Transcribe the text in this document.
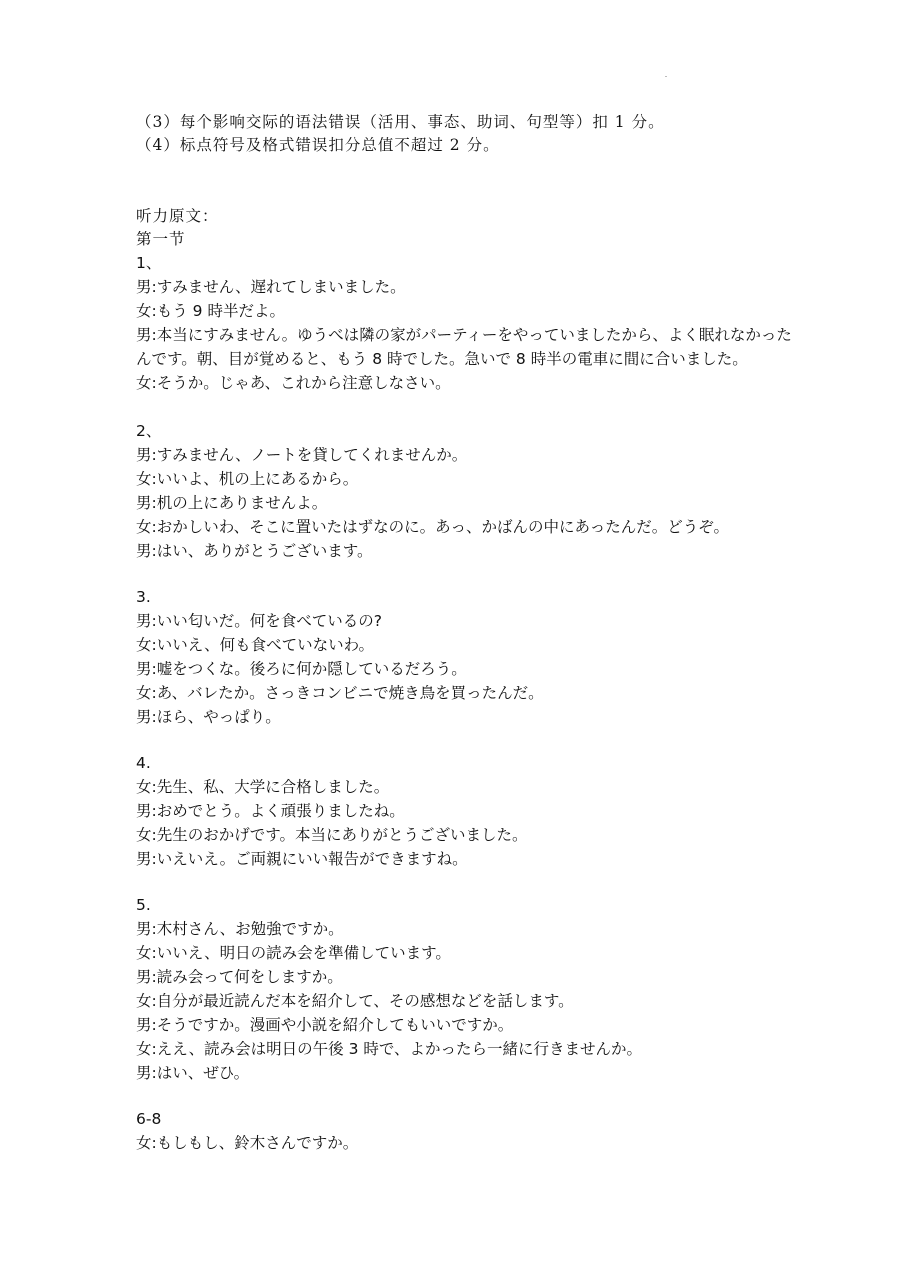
（3）每个影响交际的语法错误（活用、事态、助词、句型等）扣 1 分。
（4）标点符号及格式错误扣分总值不超过 2 分。
听力原文：
第一节
1、
男:すみません、遅れてしまいました。
女:もう 9 時半だよ。
男:本当にすみません。ゆうべは隣の家がパーティーをやっていましたから、よく眠れなかった
んです。朝、目が覚めると、もう 8 時でした。急いで 8 時半の電車に間に合いました。
女:そうか。じゃあ、これから注意しなさい。
2、
男:すみません、ノートを貸してくれませんか。
女:いいよ、机の上にあるから。
男:机の上にありませんよ。
女:おかしいわ、そこに置いたはずなのに。あっ、かばんの中にあったんだ。どうぞ。
男:はい、ありがとうございます。
3.
男:いい匂いだ。何を食べているの?
女:いいえ、何も食べていないわ。
男:嘘をつくな。後ろに何か隠しているだろう。
女:あ、バレたか。さっきコンビニで焼き鳥を買ったんだ。
男:ほら、やっぱり。
4.
女:先生、私、大学に合格しました。
男:おめでとう。よく頑張りましたね。
女:先生のおかげです。本当にありがとうございました。
男:いえいえ。ご両親にいい報告ができますね。
5.
男:木村さん、お勉強ですか。
女:いいえ、明日の読み会を準備しています。
男:読み会って何をしますか。
女:自分が最近読んだ本を紹介して、その感想などを話します。
男:そうですか。漫画や小説を紹介してもいいですか。
女:ええ、読み会は明日の午後 3 時で、よかったら一緒に行きませんか。
男:はい、ぜひ。
6-8
女:もしもし、鈴木さんですか。
